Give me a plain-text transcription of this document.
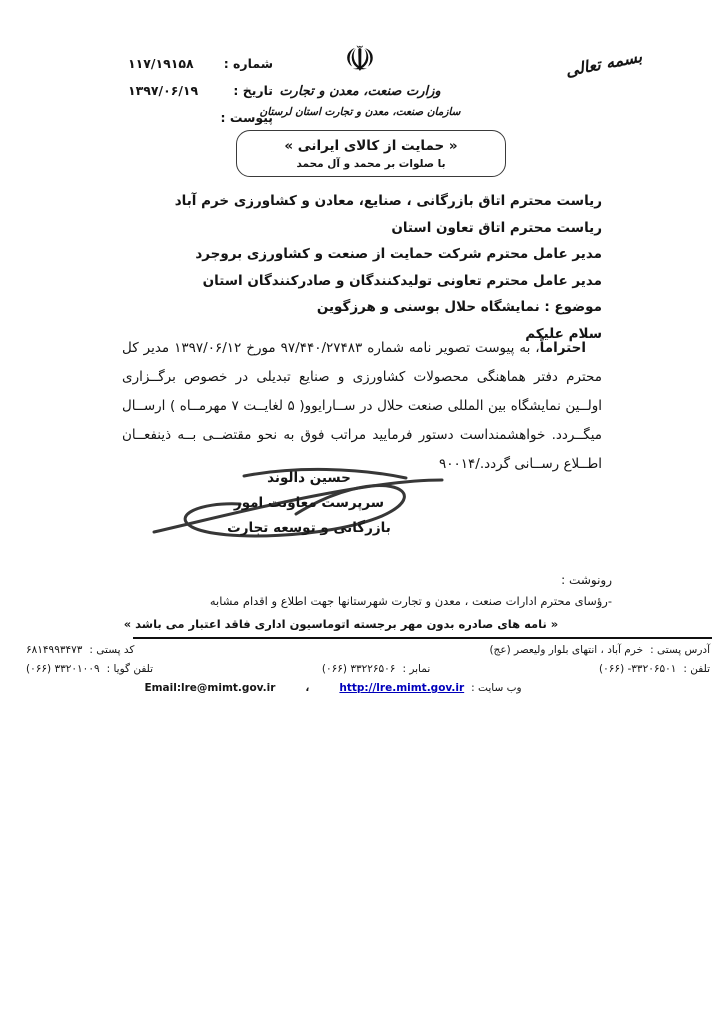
بسمه تعالی
☫
وزارت صنعت، معدن و تجارت
سازمان صنعت، معدن و تجارت استان لرستان
شماره :
۱۱۷/۱۹۱۵۸
تاریخ :
۱۳۹۷/۰۶/۱۹
پیوست :
« حمایت از کالای ایرانی »
با صلوات بر محمد و آل محمد
ریاست محترم اتاق بازرگانی ، صنایع، معادن و کشاورزی خرم آباد
ریاست محترم اتاق تعاون استان
مدیر عامل محترم شرکت حمایت از صنعت و کشاورزی بروجرد
مدیر عامل محترم تعاونی تولیدکنندگان و صادرکنندگان استان
موضوع : نمایشگاه حلال بوسنی و هرزگوین
سلام علیکم
احتراماً، به پیوست تصویر نامه شماره ۹۷/۴۴۰/۲۷۴۸۳ مورخ ۱۳۹۷/۰۶/۱۲ مدیر کل محترم دفتر هماهنگی محصولات کشاورزی و صنایع تبدیلی در خصوص برگــزاری اولــین نمایشگاه بین المللی صنعت حلال در ســارایوو( ۵ لغایــت ۷ مهرمــاه ) ارســال میگــردد. خواهشمنداست دستور فرمایید مراتب فوق به نحو مقتضــی بــه ذینفعــان اطــلاع رســانی گردد./۹۰۰۱۴
حسین دالوند
سرپرست معاونت امور
بازرگانی و توسعه تجارت
رونوشت :
-رؤسای محترم ادارات صنعت ، معدن و تجارت شهرستانها جهت اطلاع و اقدام مشابه
« نامه های صادره بدون مهر برجسته اتوماسیون اداری فاقد اعتبار می باشد »
آدرس پستی :
خرم آباد ، انتهای بلوار ولیعصر (عج)
کد پستی :
۶۸۱۴۹۹۳۴۷۳
تلفن :
۳۳۲۰۶۵۰۱- (۰۶۶)
نمابر :
۳۳۲۲۶۵۰۶ (۰۶۶)
تلفن گویا :
۳۳۲۰۱۰۰۹ (۰۶۶)
وب سایت :
http://lre.mimt.gov.ir
،
Email:lre@mimt.gov.ir
